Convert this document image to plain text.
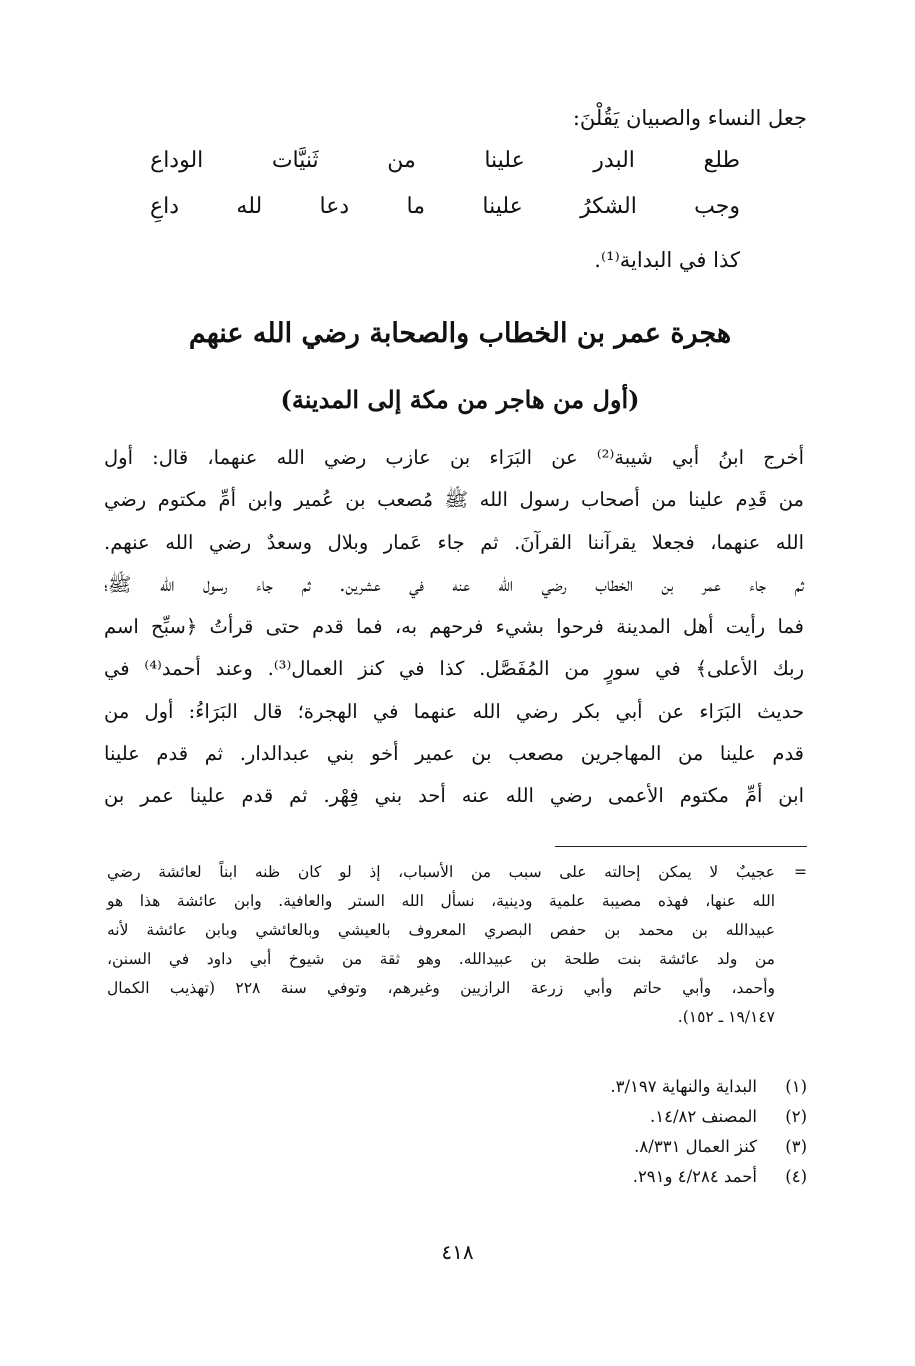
جعل النساء والصبيان يَقُلْنَ:
طلع
البدر
علينا
من
ثَنيَّات
الوداع
وجب
الشكرُ
علينا
ما
دعا
لله
داعِ
كذا في البداية⁽¹⁾.
هجرة عمر بن الخطاب والصحابة رضي الله عنهم
(أول من هاجر من مكة إلى المدينة)
أخرج ابنُ أبي شيبة⁽²⁾ عن البَرَاء بن عازب رضي الله عنهما، قال: أول
من قَدِم علينا من أصحاب رسول الله ﷺ مُصعب بن عُمير وابن أمِّ مكتوم رضي
الله عنهما، فجعلا يقرآننا القرآنَ. ثم جاء عَمار وبلال وسعدٌ رضي الله عنهم.
ثم جاء عمر بن الخطاب رضي الله عنه في عشرين. ثم جاء رسول الله ﷺ؛
فما رأيت أهل المدينة فرحوا بشيء فرحهم به، فما قدم حتى قرأتُ ﴿سبِّح اسم
ربك الأعلى﴾ في سورٍ من المُفَصَّل. كذا في كنز العمال⁽³⁾. وعند أحمد⁽⁴⁾ في
حديث البَرَاء عن أبي بكر رضي الله عنهما في الهجرة؛ قال البَرَاءُ: أول من
قدم علينا من المهاجرين مصعب بن عمير أخو بني عبدالدار. ثم قدم علينا
ابن أمِّ مكتوم الأعمى رضي الله عنه أحد بني فِهْر. ثم قدم علينا عمر بن
=
عجيبٌ لا يمكن إحالته على سبب من الأسباب، إذ لو كان ظنه ابناً لعائشة رضي
الله عنها، فهذه مصيبة علمية ودينية، نسأل الله الستر والعافية. وابن عائشة هذا هو
عبيدالله بن محمد بن حفص البصري المعروف بالعيشي وبالعائشي وبابن عائشة لأنه
من ولد عائشة بنت طلحة بن عبيدالله. وهو ثقة من شيوخ أبي داود في السنن،
وأحمد، وأبي حاتم وأبي زرعة الرازيين وغيرهم، وتوفي سنة ٢٢٨ (تهذيب الكمال
١٩/١٤٧ ـ ١٥٢).
(١)
البداية والنهاية ٣/١٩٧.
(٢)
المصنف ١٤/٨٢.
(٣)
كنز العمال ٨/٣٣١.
(٤)
أحمد ٤/٢٨٤ و٢٩١.
٤١٨
